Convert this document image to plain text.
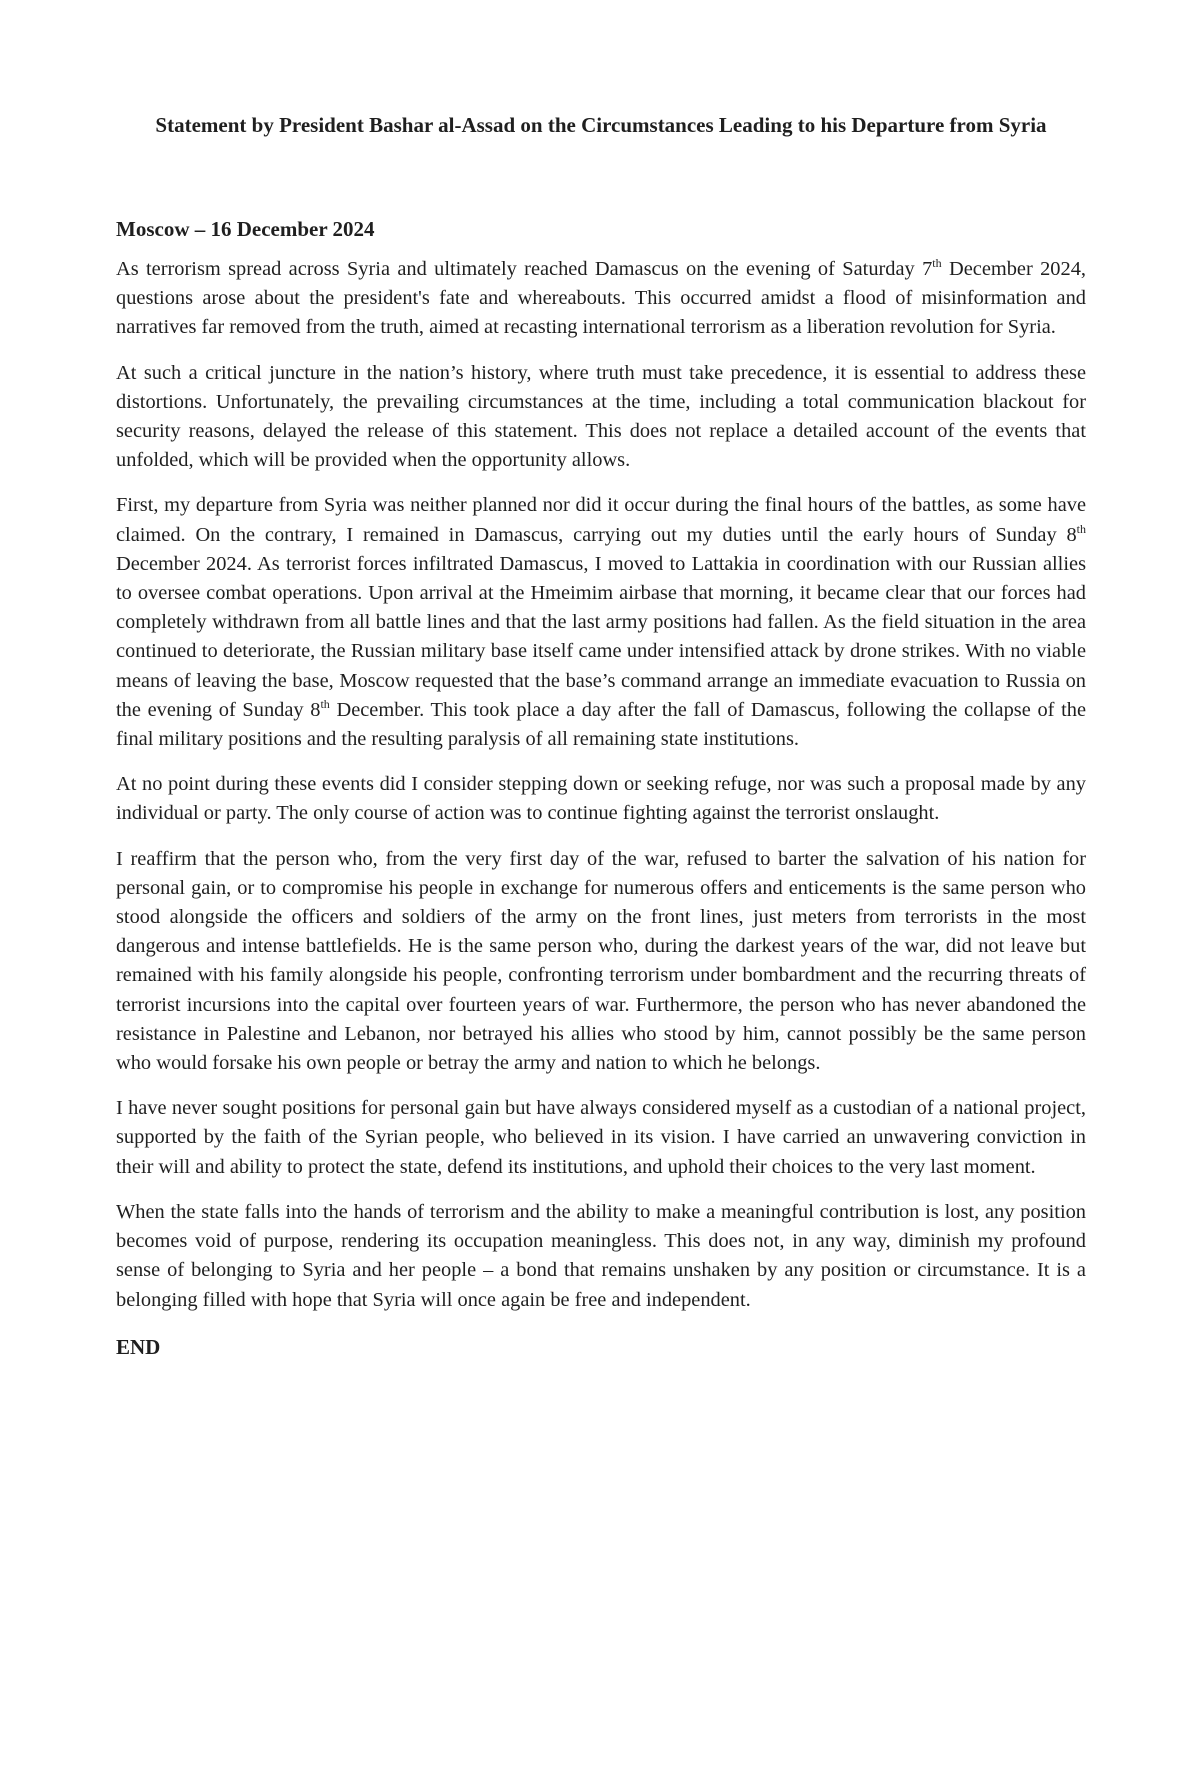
Statement by President Bashar al-Assad on the Circumstances Leading to his Departure from Syria
Moscow – 16 December 2024

As terrorism spread across Syria and ultimately reached Damascus on the evening of Saturday 7th December 2024, questions arose about the president's fate and whereabouts. This occurred amidst a flood of misinformation and narratives far removed from the truth, aimed at recasting international terrorism as a liberation revolution for Syria.

At such a critical juncture in the nation’s history, where truth must take precedence, it is essential to address these distortions. Unfortunately, the prevailing circumstances at the time, including a total communication blackout for security reasons, delayed the release of this statement. This does not replace a detailed account of the events that unfolded, which will be provided when the opportunity allows.

First, my departure from Syria was neither planned nor did it occur during the final hours of the battles, as some have claimed. On the contrary, I remained in Damascus, carrying out my duties until the early hours of Sunday 8th December 2024. As terrorist forces infiltrated Damascus, I moved to Lattakia in coordination with our Russian allies to oversee combat operations. Upon arrival at the Hmeimim airbase that morning, it became clear that our forces had completely withdrawn from all battle lines and that the last army positions had fallen. As the field situation in the area continued to deteriorate, the Russian military base itself came under intensified attack by drone strikes. With no viable means of leaving the base, Moscow requested that the base’s command arrange an immediate evacuation to Russia on the evening of Sunday 8th December. This took place a day after the fall of Damascus, following the collapse of the final military positions and the resulting paralysis of all remaining state institutions.

At no point during these events did I consider stepping down or seeking refuge, nor was such a proposal made by any individual or party. The only course of action was to continue fighting against the terrorist onslaught.

I reaffirm that the person who, from the very first day of the war, refused to barter the salvation of his nation for personal gain, or to compromise his people in exchange for numerous offers and enticements is the same person who stood alongside the officers and soldiers of the army on the front lines, just meters from terrorists in the most dangerous and intense battlefields. He is the same person who, during the darkest years of the war, did not leave but remained with his family alongside his people, confronting terrorism under bombardment and the recurring threats of terrorist incursions into the capital over fourteen years of war. Furthermore, the person who has never abandoned the resistance in Palestine and Lebanon, nor betrayed his allies who stood by him, cannot possibly be the same person who would forsake his own people or betray the army and nation to which he belongs.

I have never sought positions for personal gain but have always considered myself as a custodian of a national project, supported by the faith of the Syrian people, who believed in its vision. I have carried an unwavering conviction in their will and ability to protect the state, defend its institutions, and uphold their choices to the very last moment.

When the state falls into the hands of terrorism and the ability to make a meaningful contribution is lost, any position becomes void of purpose, rendering its occupation meaningless. This does not, in any way, diminish my profound sense of belonging to Syria and her people – a bond that remains unshaken by any position or circumstance. It is a belonging filled with hope that Syria will once again be free and independent.

END
